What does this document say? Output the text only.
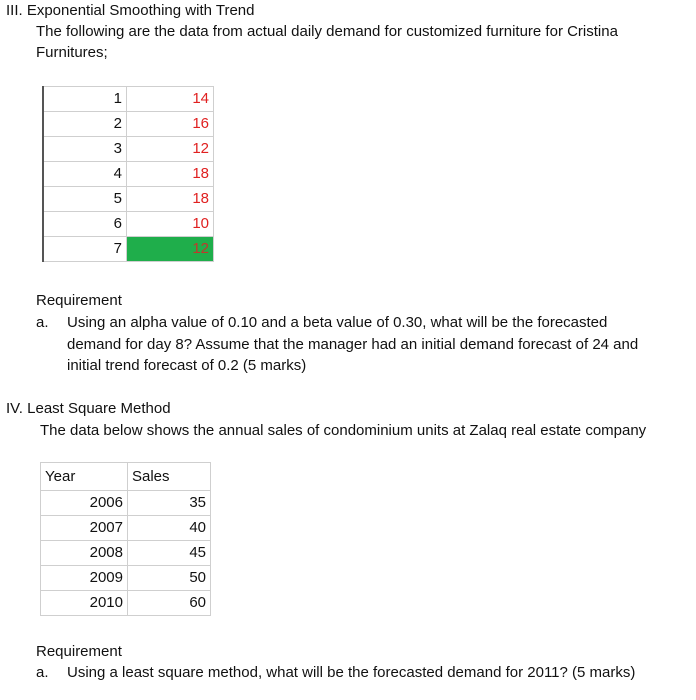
III. Exponential Smoothing with Trend
The following are the data from actual daily demand for customized furniture for Cristina
Furnitures;
1	14
2	16
3	12
4	18
5	18
6	10
7	12
Requirement
a. Using an alpha value of 0.10 and a beta value of 0.30, what will be the forecasted
demand for day 8? Assume that the manager had an initial demand forecast of 24 and
initial trend forecast of 0.2 (5 marks)
IV. Least Square Method
The data below shows the annual sales of condominium units at Zalaq real estate company
Year	Sales
2006	35
2007	40
2008	45
2009	50
2010	60
Requirement
a. Using a least square method, what will be the forecasted demand for 2011? (5 marks)
